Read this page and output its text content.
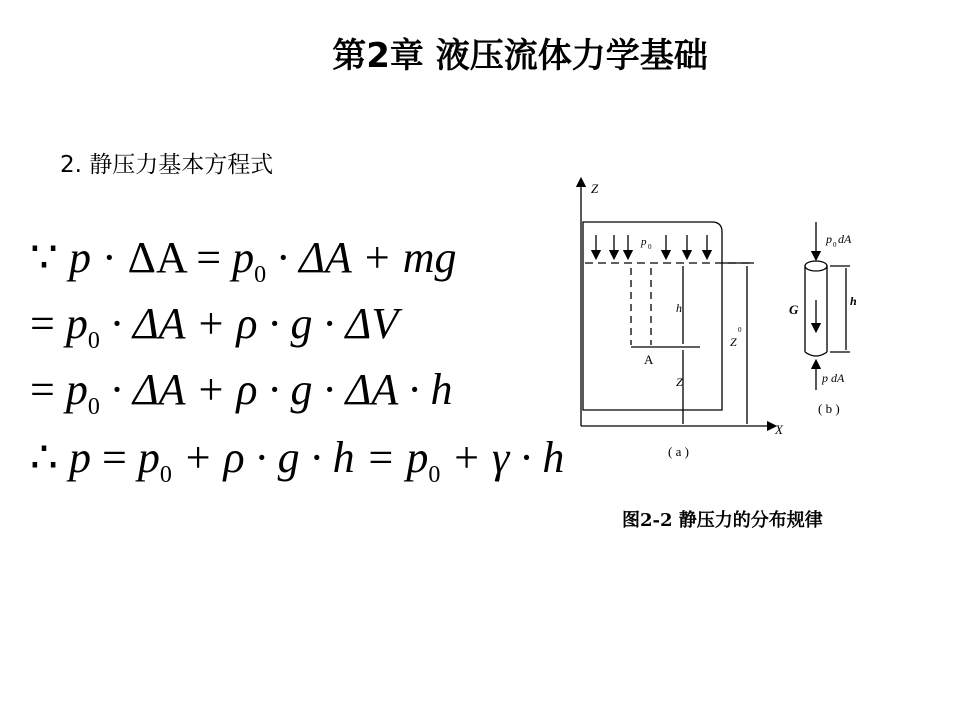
第2章 液压流体力学基础
2. 静压力基本方程式
∵ $p \cdot \Delta A = p_0 \cdot \Delta A$ + mg
= $p_0 \cdot \Delta A + \rho \cdot g \cdot \Delta V$
= $p_0 \cdot \Delta A + \rho \cdot g \cdot \Delta A \cdot h$
∴ $p = p_0 + \rho \cdot g \cdot h = p_0 + \gamma \cdot h$
Z
X
p 0
h
A
Z
Z
0
( a )
p 0 dA
G
h
p dA
( b )
图2-2 静压力的分布规律
